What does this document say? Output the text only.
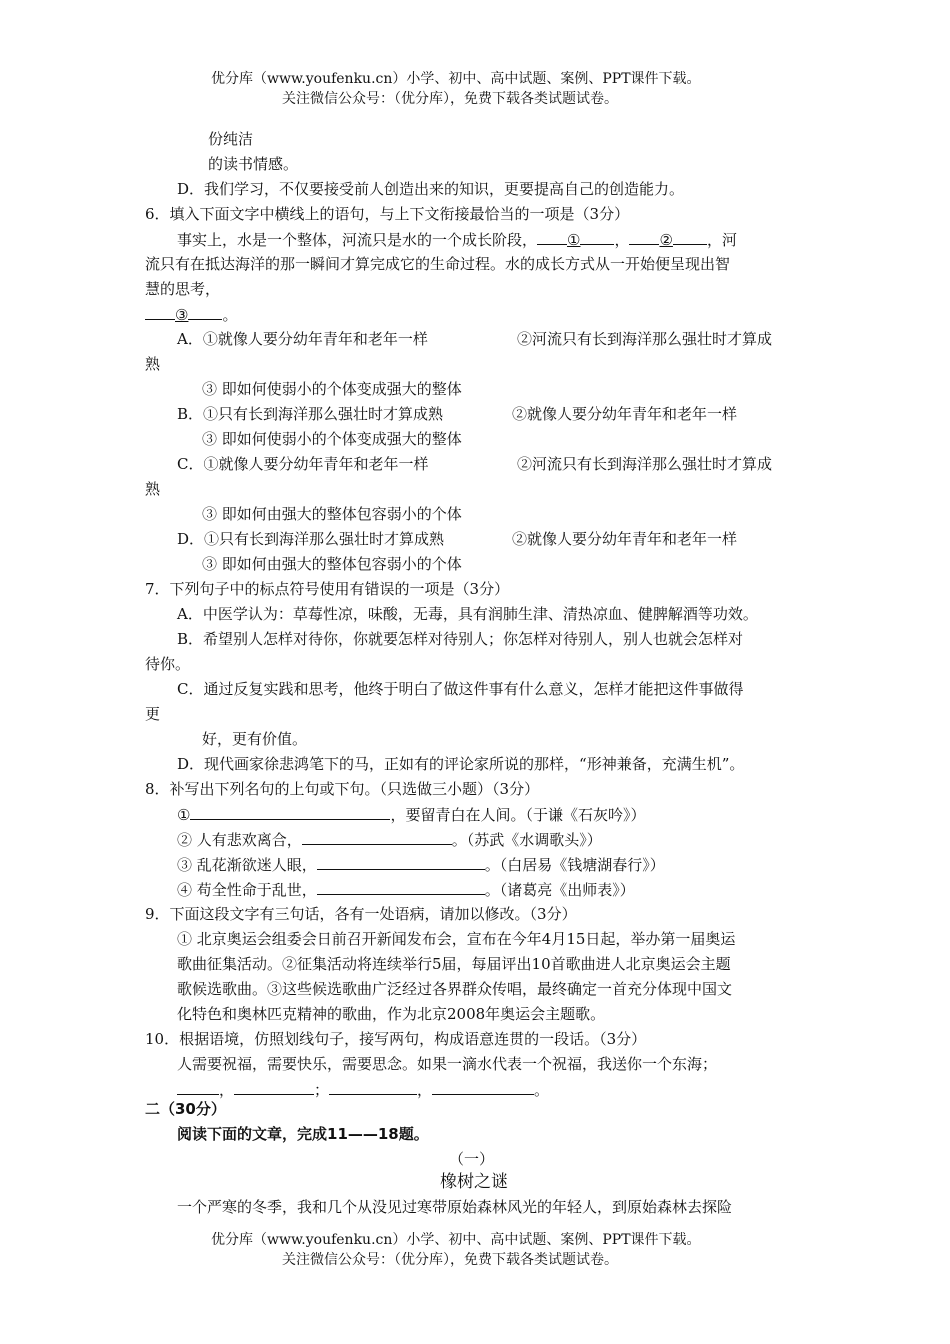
优分库（www.youfenku.cn）小学、初中、高中试题、案例、PPT课件下载。
关注微信公众号：（优分库），免费下载各类试题试卷。
份纯洁
的读书情感。
D．我们学习，不仅要接受前人创造出来的知识，更要提高自己的创造能力。
6．填入下面文字中横线上的语句，与上下文衔接最恰当的一项是（3分）
事实上，水是一个整体，河流只是水的一个成长阶段， ① ， ② ，河
流只有在抵达海洋的那一瞬间才算完成它的生命过程。水的成长方式从一开始便呈现出智
慧的思考，
③ 。
A．①就像人要分幼年青年和老年一样	②河流只有长到海洋那么强壮时才算成
熟
③ 即如何使弱小的个体变成强大的整体
B．①只有长到海洋那么强壮时才算成熟	②就像人要分幼年青年和老年一样
③ 即如何使弱小的个体变成强大的整体
C．①就像人要分幼年青年和老年一样	②河流只有长到海洋那么强壮时才算成
熟
③ 即如何由强大的整体包容弱小的个体
D．①只有长到海洋那么强壮时才算成熟	②就像人要分幼年青年和老年一样
③ 即如何由强大的整体包容弱小的个体
7．下列句子中的标点符号使用有错误的一项是（3分）
A．中医学认为：草莓性凉，味酸，无毒，具有润肺生津、清热凉血、健脾解酒等功效。
B．希望别人怎样对待你，你就要怎样对待别人；你怎样对待别人，别人也就会怎样对
待你。
C．通过反复实践和思考，他终于明白了做这件事有什么意义，怎样才能把这件事做得
更
好，更有价值。
D．现代画家徐悲鸿笔下的马，正如有的评论家所说的那样，“形神兼备，充满生机”。
8．补写出下列名句的上句或下句。（只选做三小题）（3分）
①	，要留青白在人间。（于谦《石灰吟》）
② 人有悲欢离合，	。（苏武《水调歌头》）
③ 乱花渐欲迷人眼，	。（白居易《钱塘湖春行》）
④ 苟全性命于乱世，	。（诸葛亮《出师表》）
9．下面这段文字有三句话，各有一处语病，请加以修改。（3分）
① 北京奥运会组委会日前召开新闻发布会，宣布在今年4月15日起，举办第一届奥运
歌曲征集活动。②征集活动将连续举行5届，每届评出10首歌曲进人北京奥运会主题
歌候选歌曲。③这些候选歌曲广泛经过各界群众传唱，最终确定一首充分体现中国文
化特色和奥林匹克精神的歌曲，作为北京2008年奥运会主题歌。
10．根据语境，仿照划线句子，接写两句，构成语意连贯的一段话。（3分）
人需要祝福，需要快乐，需要思念。如果一滴水代表一个祝福，我送你一个东海；
，	；	，	。
二（30分）
阅读下面的文章，完成11——18题。
（一）
橡树之谜
一个严寒的冬季，我和几个从没见过寒带原始森林风光的年轻人，到原始森林去探险
优分库（www.youfenku.cn）小学、初中、高中试题、案例、PPT课件下载。
关注微信公众号：（优分库），免费下载各类试题试卷。
